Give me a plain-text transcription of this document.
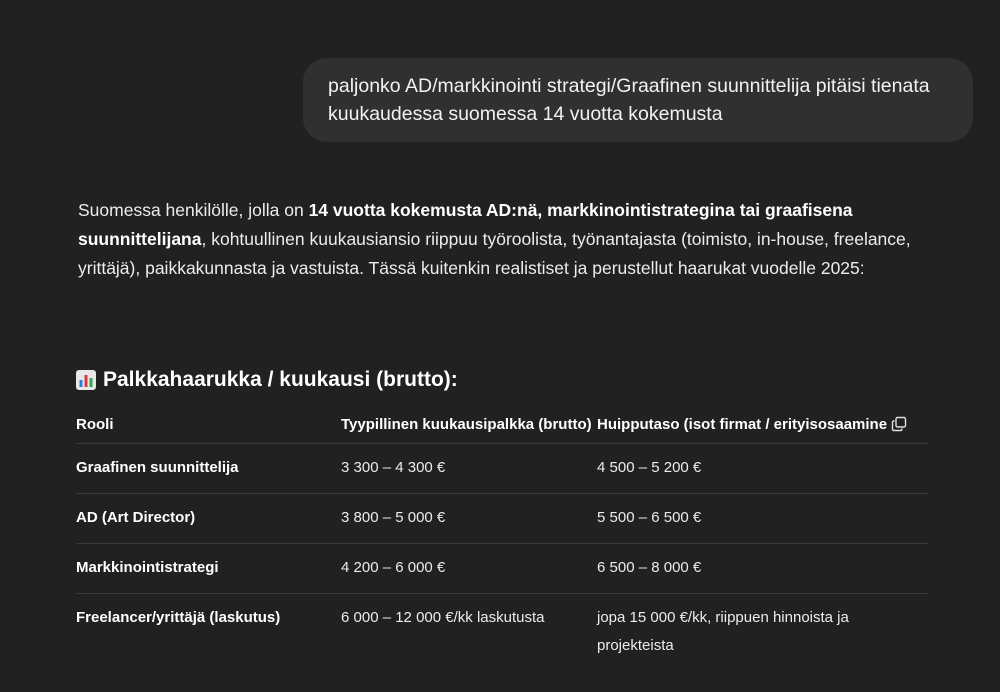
paljonko AD/markkinointi strategi/Graafinen suunnittelija pitäisi tienata kuukaudessa suomessa 14 vuotta kokemusta
Suomessa henkilölle, jolla on 14 vuotta kokemusta AD:nä, markkinointistrategina tai graafisena suunnittelijana, kohtuullinen kuukausiansio riippuu työroolista, työnantajasta (toimisto, in-house, freelance, yrittäjä), paikkakunnasta ja vastuista. Tässä kuitenkin realistiset ja perustellut haarukat vuodelle 2025:
Palkkahaarukka / kuukausi (brutto):
Rooli	Tyypillinen kuukausipalkka (brutto)	Huipputaso (isot firmat / erityisosaamine
Graafinen suunnittelija	3 300 – 4 300 €	4 500 – 5 200 €
AD (Art Director)	3 800 – 5 000 €	5 500 – 6 500 €
Markkinointistrategi	4 200 – 6 000 €	6 500 – 8 000 €
Freelancer/yrittäjä (laskutus)	6 000 – 12 000 €/kk laskutusta	jopa 15 000 €/kk, riippuen hinnoista ja projekteista
